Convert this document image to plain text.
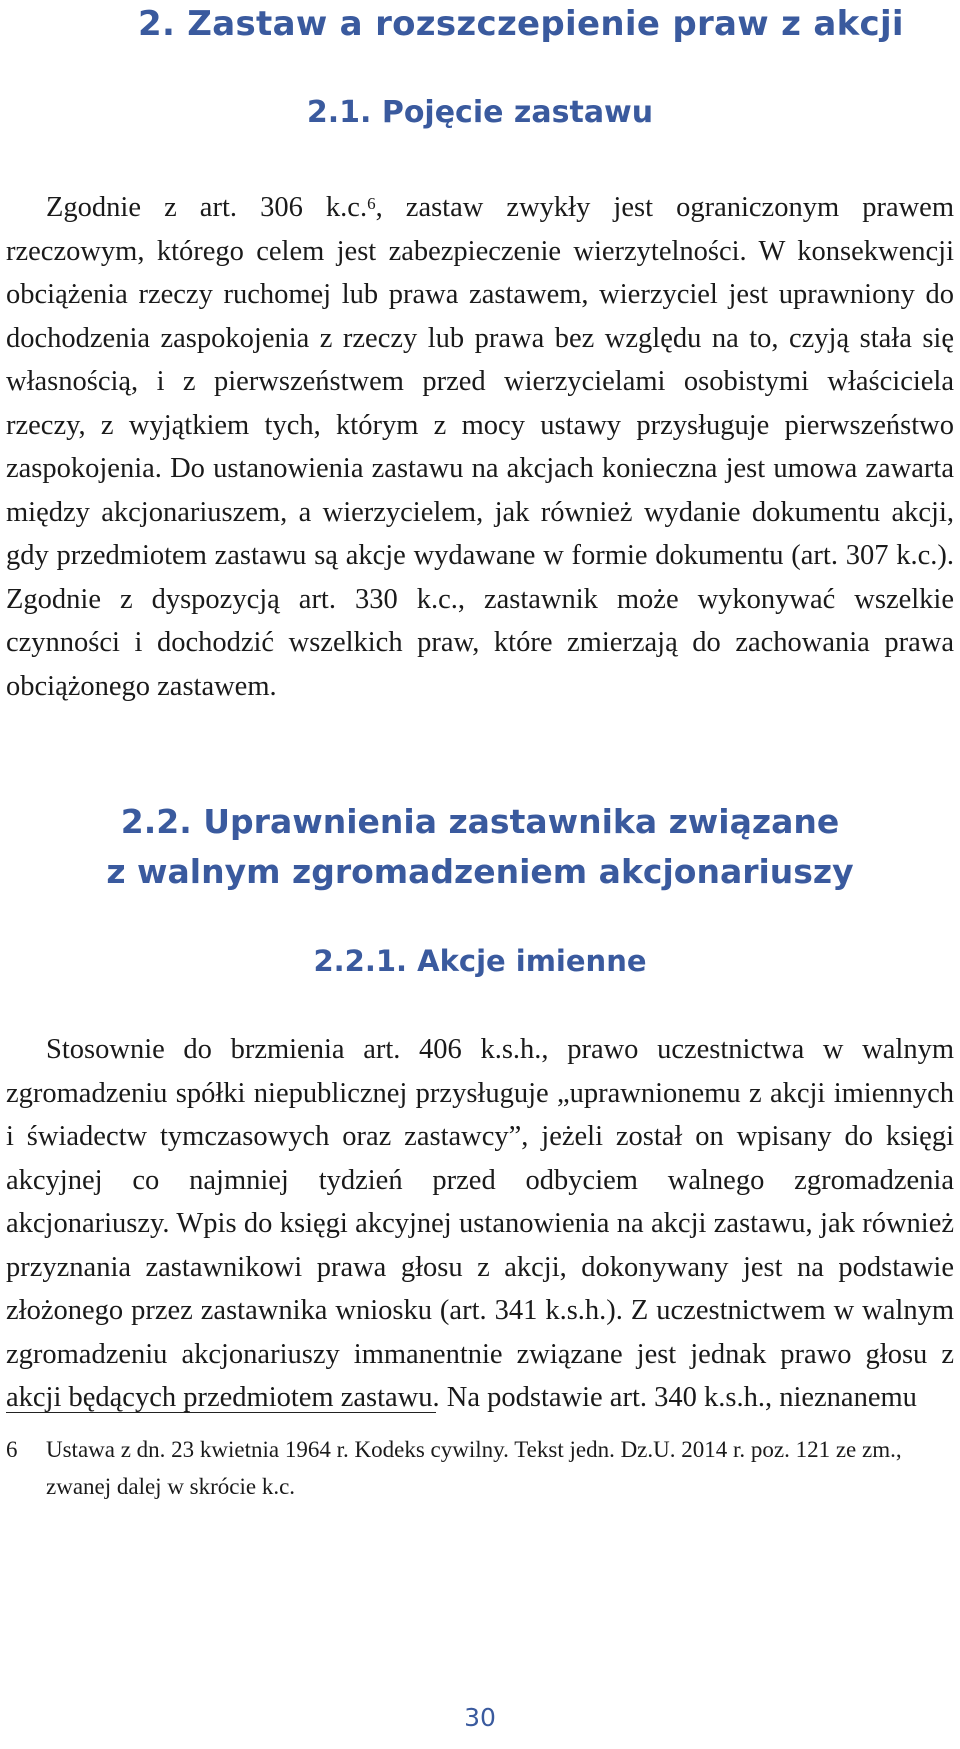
2. Zastaw a rozszczepienie praw z akcji
2.1. Pojęcie zastawu

Zgodnie z art. 306 k.c.$^6$, zastaw zwykły jest ograniczonym prawem rzeczowym, którego celem jest zabezpieczenie wierzytelności. W konsekwencji obciążenia rzeczy ruchomej lub prawa zastawem, wierzyciel jest uprawniony do dochodzenia zaspokojenia z rzeczy lub prawa bez względu na to, czyją stała się własnością, i z pierwszeństwem przed wierzycielami osobistymi właściciela rzeczy, z wyjątkiem tych, którym z mocy ustawy przysługuje pierwszeństwo zaspokojenia. Do ustanowienia zastawu na akcjach konieczna jest umowa zawarta między akcjonariuszem, a wierzycielem, jak również wydanie dokumentu akcji, gdy przedmiotem zastawu są akcje wydawane w formie dokumentu (art. 307 k.c.). Zgodnie z dyspozycją art. 330 k.c., zastawnik może wykonywać wszelkie czynności i dochodzić wszelkich praw, które zmierzają do zachowania prawa obciążonego zastawem.

2.2. Uprawnienia zastawnika związane
z walnym zgromadzeniem akcjonariuszy
2.2.1. Akcje imienne

Stosownie do brzmienia art. 406 k.s.h., prawo uczestnictwa w walnym zgromadzeniu spółki niepublicznej przysługuje „uprawnionemu z akcji imiennych i świadectw tymczasowych oraz zastawcy”, jeżeli został on wpisany do księgi akcyjnej co najmniej tydzień przed odbyciem walnego zgromadzenia akcjonariuszy. Wpis do księgi akcyjnej ustanowienia na akcji zastawu, jak również przyznania zastawnikowi prawa głosu z akcji, dokonywany jest na podstawie złożonego przez zastawnika wniosku (art. 341 k.s.h.). Z uczestnictwem w walnym zgromadzeniu akcjonariuszy immanentnie związane jest jednak prawo głosu z akcji będących przedmiotem zastawu. Na podstawie art. 340 k.s.h., nieznanemu

6 Ustawa z dn. 23 kwietnia 1964 r. Kodeks cywilny. Tekst jedn. Dz.U. 2014 r. poz. 121 ze zm., zwanej dalej w skrócie k.c.
30
